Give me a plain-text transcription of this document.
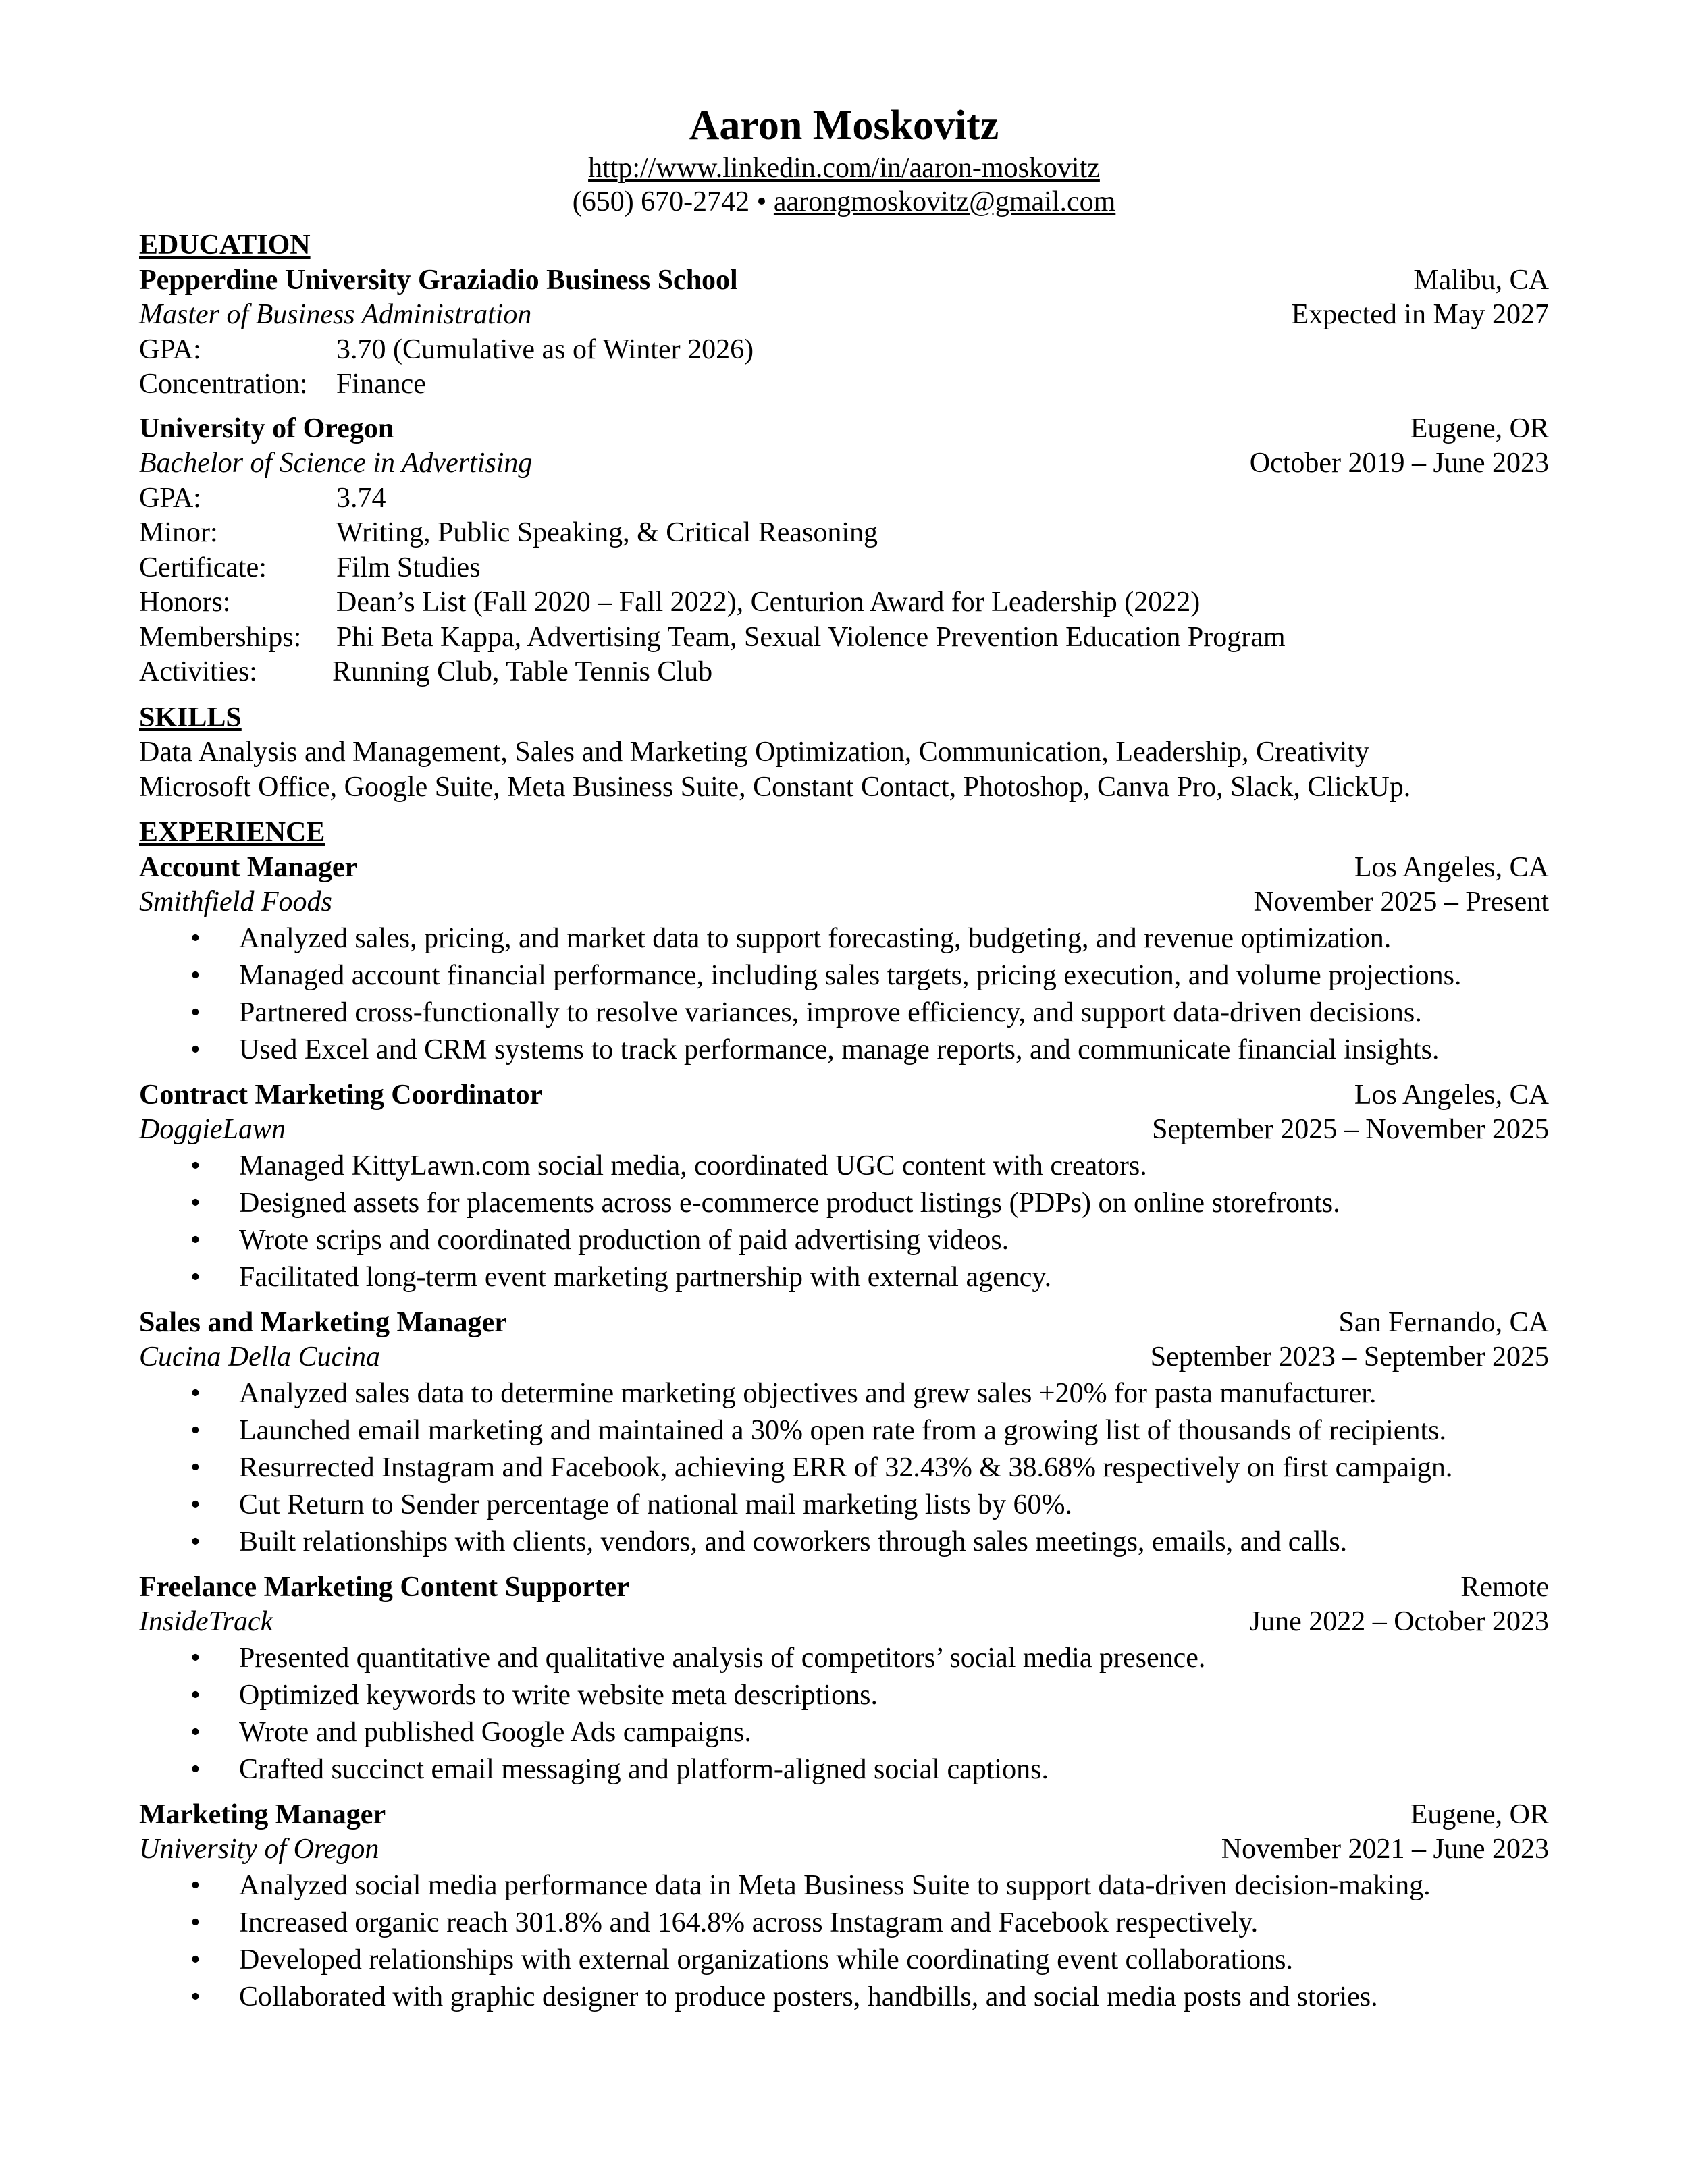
Aaron Moskovitz
http://www.linkedin.com/in/aaron-moskovitz
(650) 670-2742 • aarongmoskovitz@gmail.com
EDUCATION
Pepperdine University Graziadio Business School	Malibu, CA
Master of Business Administration	Expected in May 2027
GPA:	3.70 (Cumulative as of Winter 2026)
Concentration:	Finance
University of Oregon	Eugene, OR
Bachelor of Science in Advertising	October 2019 – June 2023
GPA:	3.74
Minor:	Writing, Public Speaking, & Critical Reasoning
Certificate:	Film Studies
Honors:	Dean’s List (Fall 2020 – Fall 2022), Centurion Award for Leadership (2022)
Memberships:	Phi Beta Kappa, Advertising Team, Sexual Violence Prevention Education Program
Activities:	Running Club, Table Tennis Club
SKILLS

Data Analysis and Management, Sales and Marketing Optimization, Communication, Leadership, Creativity

Microsoft Office, Google Suite, Meta Business Suite, Constant Contact, Photoshop, Canva Pro, Slack, ClickUp.

EXPERIENCE
Account Manager	Los Angeles, CA
Smithfield Foods	November 2025 – Present
• Analyzed sales, pricing, and market data to support forecasting, budgeting, and revenue optimization.
• Managed account financial performance, including sales targets, pricing execution, and volume projections.
• Partnered cross-functionally to resolve variances, improve efficiency, and support data-driven decisions.
• Used Excel and CRM systems to track performance, manage reports, and communicate financial insights.
Contract Marketing Coordinator	Los Angeles, CA
DoggieLawn	September 2025 – November 2025
• Managed KittyLawn.com social media, coordinated UGC content with creators.
• Designed assets for placements across e-commerce product listings (PDPs) on online storefronts.
• Wrote scrips and coordinated production of paid advertising videos.
• Facilitated long-term event marketing partnership with external agency.
Sales and Marketing Manager	San Fernando, CA
Cucina Della Cucina	September 2023 – September 2025
• Analyzed sales data to determine marketing objectives and grew sales +20% for pasta manufacturer.
• Launched email marketing and maintained a 30% open rate from a growing list of thousands of recipients.
• Resurrected Instagram and Facebook, achieving ERR of 32.43% & 38.68% respectively on first campaign.
• Cut Return to Sender percentage of national mail marketing lists by 60%.
• Built relationships with clients, vendors, and coworkers through sales meetings, emails, and calls.
Freelance Marketing Content Supporter	Remote
InsideTrack	June 2022 – October 2023
• Presented quantitative and qualitative analysis of competitors’ social media presence.
• Optimized keywords to write website meta descriptions.
• Wrote and published Google Ads campaigns.
• Crafted succinct email messaging and platform-aligned social captions.
Marketing Manager	Eugene, OR
University of Oregon	November 2021 – June 2023
• Analyzed social media performance data in Meta Business Suite to support data-driven decision-making.
• Increased organic reach 301.8% and 164.8% across Instagram and Facebook respectively.
• Developed relationships with external organizations while coordinating event collaborations.
• Collaborated with graphic designer to produce posters, handbills, and social media posts and stories.
